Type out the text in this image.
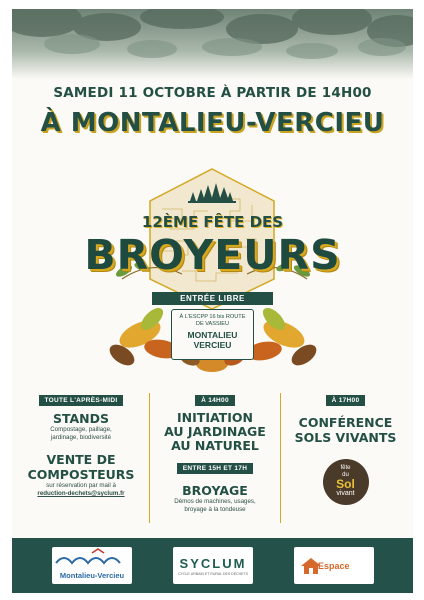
SAMEDI 11 OCTOBRE À PARTIR DE 14H00
À MONTALIEU-VERCIEU
12ÈME FÊTE DES
BROYEURS
ENTRÉE LIBRE
À L'ESCPP 16 bis ROUTE
DE VASSIEU
MONTALIEU
VERCIEU
TOUTE L'APRÈS-MIDI
STANDS
Compostage, paillage,
jardinage, biodiversité
VENTE DE
COMPOSTEURS
sur réservation par mail à
reduction-dechets@syclum.fr
À 14H00
INITIATION
AU JARDINAGE
AU NATUREL
ENTRE 15H ET 17H
BROYAGE
Démos de machines, usages,
broyage à la tondeuse
À 17H00
CONFÉRENCE
SOLS VIVANTS
fête
du
Sol
vivant
Montalieu-Vercieu
SYCLUM
CYCLE URBAIN ET RURAL DES DÉCHETS
Espace
